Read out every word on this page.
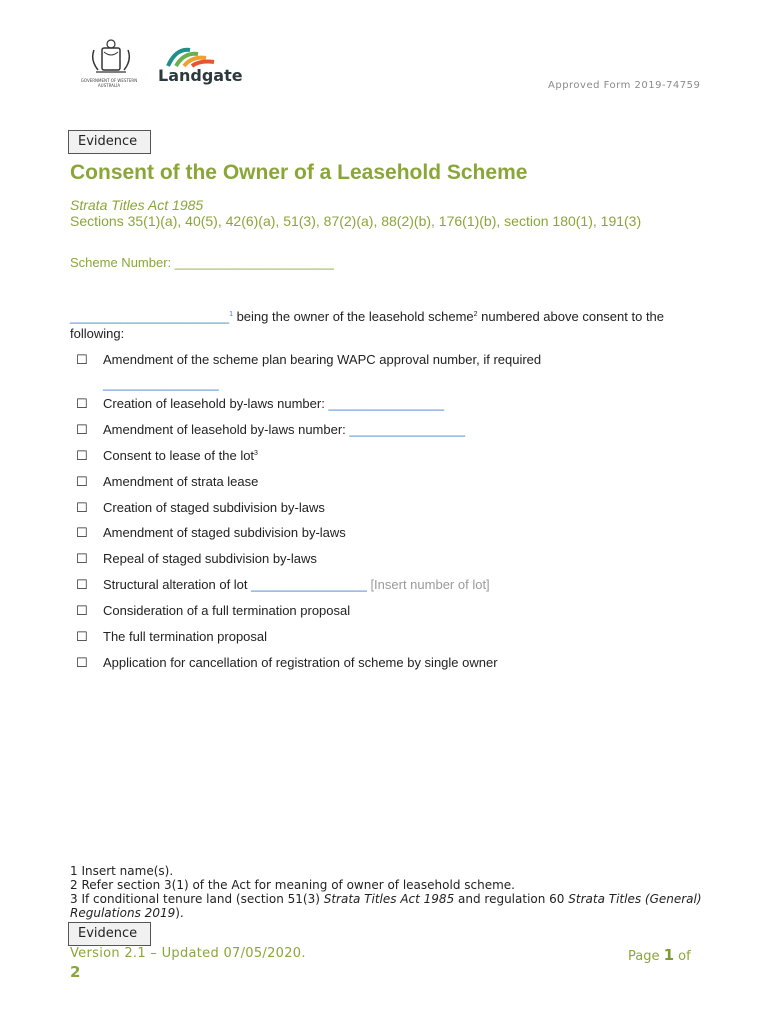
GOVERNMENT OF WESTERN AUSTRALIA
Landgate
Approved Form 2019-74759
Evidence
Consent of the Owner of a Leasehold Scheme
Strata Titles Act 1985
Sections 35(1)(a), 40(5), 42(6)(a), 51(3), 87(2)(a), 88(2)(b), 176(1)(b), section 180(1), 191(3)
Scheme Number: ______________________
______________________$^1$ being the owner of the leasehold scheme$^2$ numbered above consent to the following:
☐ Amendment of the scheme plan bearing WAPC approval number, if required
________________
☐ Creation of leasehold by-laws number: ________________
☐ Amendment of leasehold by-laws number: ________________
☐ Consent to lease of the lot$^3$
☐ Amendment of strata lease
☐ Creation of staged subdivision by-laws
☐ Amendment of staged subdivision by-laws
☐ Repeal of staged subdivision by-laws
☐ Structural alteration of lot ________________ [Insert number of lot]
☐ Consideration of a full termination proposal
☐ The full termination proposal
☐ Application for cancellation of registration of scheme by single owner
1 Insert name(s).
2 Refer section 3(1) of the Act for meaning of owner of leasehold scheme.
3 If conditional tenure land (section 51(3) Strata Titles Act 1985 and regulation 60 Strata Titles (General) Regulations 2019).
Evidence
Version 2.1 – Updated 07/05/2020.	Page 1 of
2
